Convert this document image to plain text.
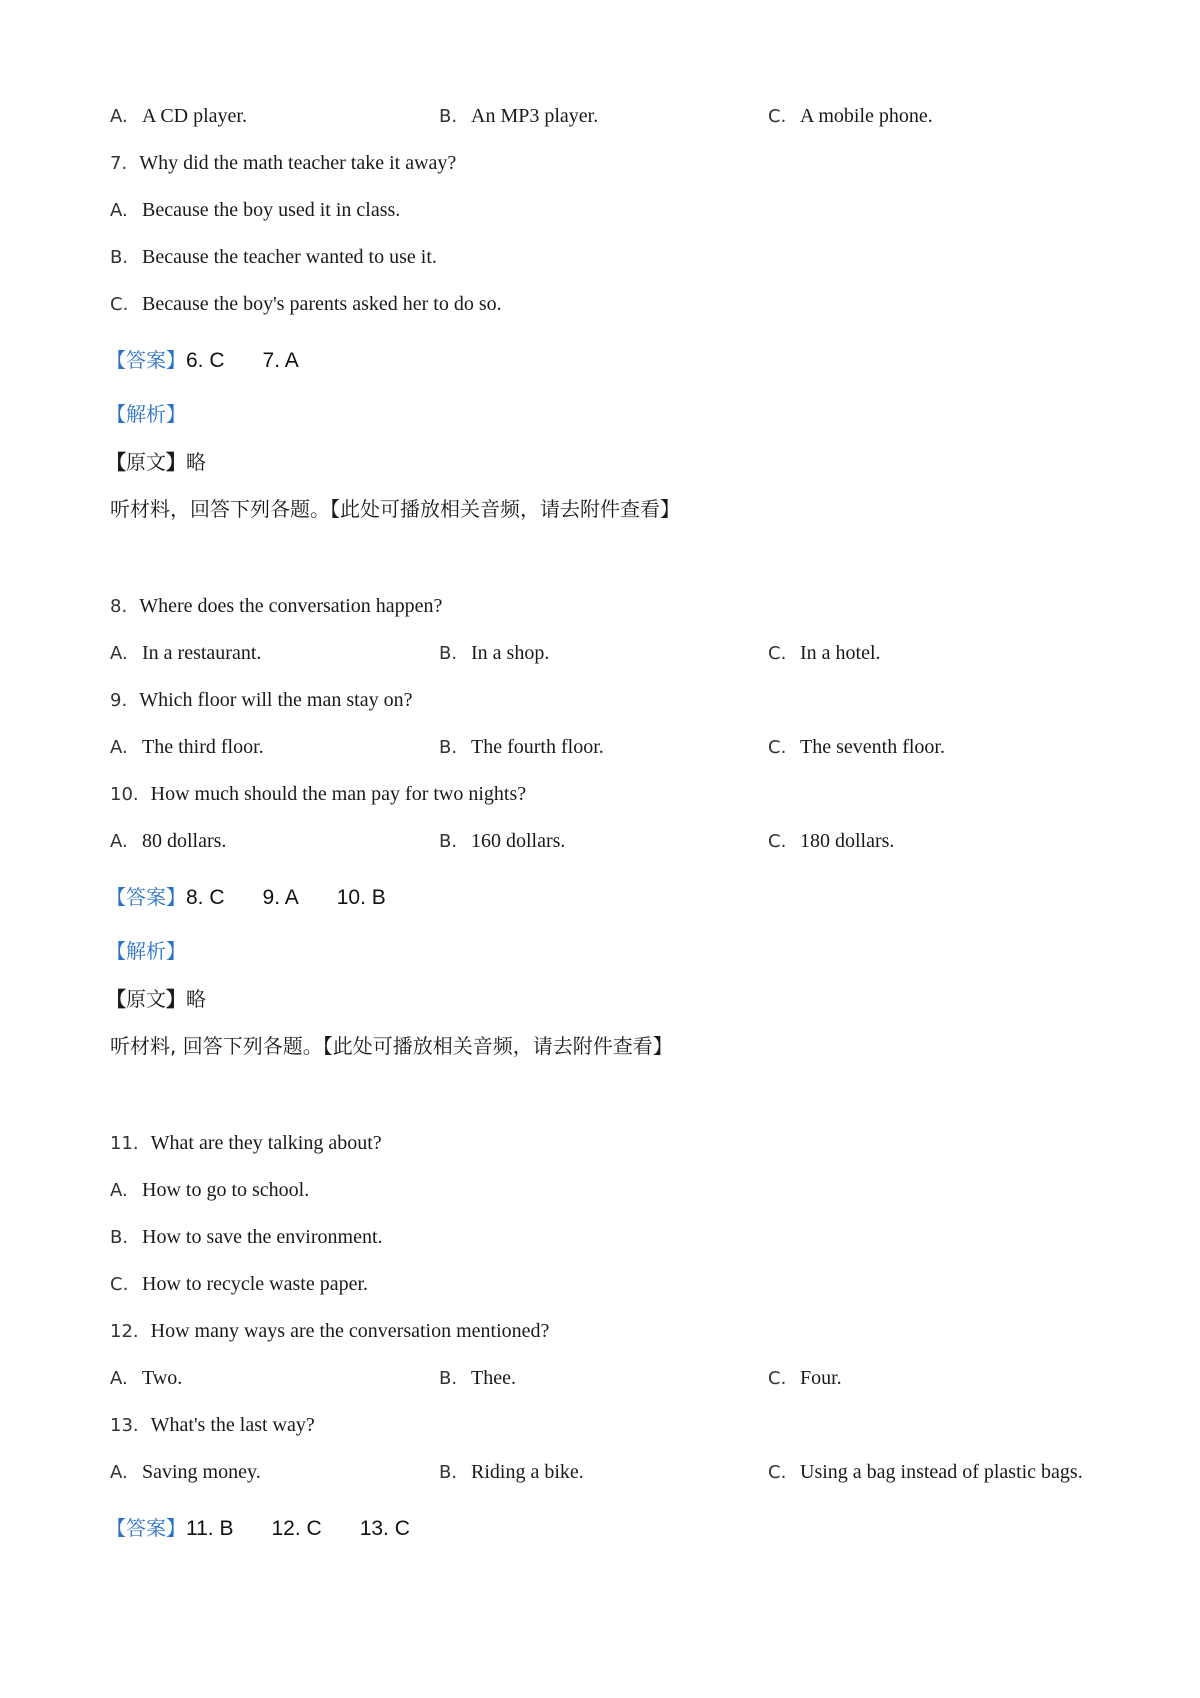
A. A CD player.	B. An MP3 player.	C. A mobile phone.
7. Why did the math teacher take it away?
A. Because the boy used it in class.
B. Because the teacher wanted to use it.
C. Because the boy's parents asked her to do so.
【答案】6. C 7. A
【解析】
【原文】略
听材料，回答下列各题。【此处可播放相关音频，请去附件查看】
8. Where does the conversation happen?
A. In a restaurant.	B. In a shop.	C. In a hotel.
9. Which floor will the man stay on?
A. The third floor.	B. The fourth floor.	C. The seventh floor.
10. How much should the man pay for two nights?
A. 80 dollars.	B. 160 dollars.	C. 180 dollars.
【答案】8. C 9. A 10. B
【解析】
【原文】略
听材料, 回答下列各题。【此处可播放相关音频，请去附件查看】
11. What are they talking about?
A. How to go to school.
B. How to save the environment.
C. How to recycle waste paper.
12. How many ways are the conversation mentioned?
A. Two.	B. Thee.	C. Four.
13. What's the last way?
A. Saving money.	B. Riding a bike.	C. Using a bag instead of plastic bags.
【答案】11. B 12. C 13. C
